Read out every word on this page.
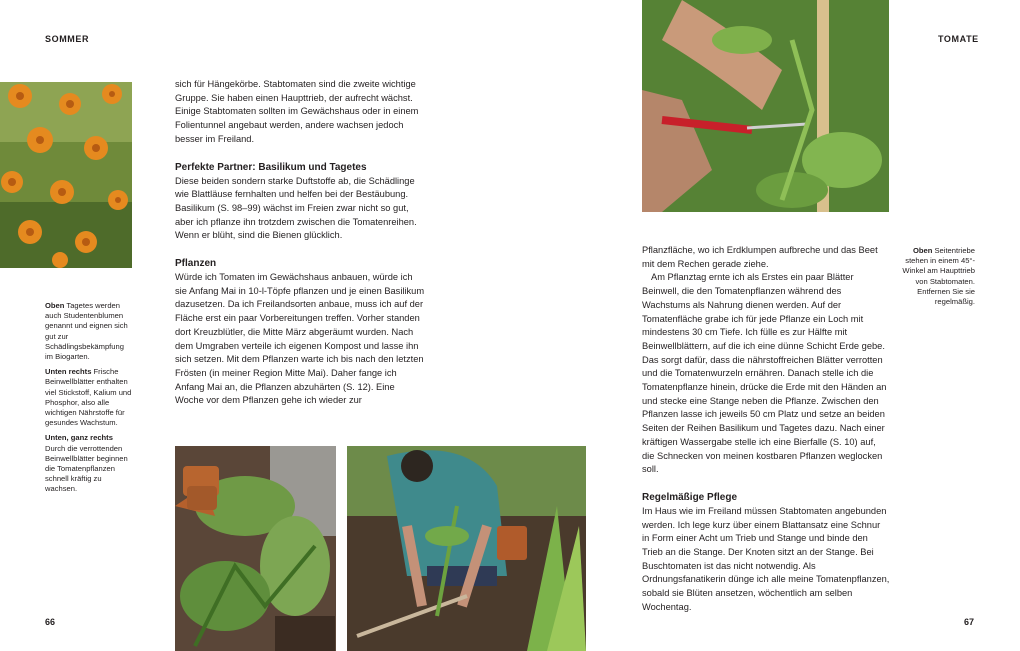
SOMMER

Oben Tagetes werden auch Studentenblumen genannt und eignen sich gut zur Schädlingsbekämpfung im Biogarten.

Unten rechts Frische Beinwellblätter enthalten viel Stickstoff, Kalium und Phosphor, also alle wichtigen Nährstoffe für gesundes Wachstum.

Unten, ganz rechts Durch die verrottenden Beinwellblätter beginnen die Tomatenpflanzen schnell kräftig zu wachsen.

sich für Hängekörbe. Stabtomaten sind die zweite wichtige Gruppe. Sie haben einen Haupttrieb, der aufrecht wächst. Einige Stabtomaten sollten im Gewächshaus oder in einem Folientunnel angebaut werden, andere wachsen jedoch besser im Freiland.

Perfekte Partner: Basilikum und Tagetes

Diese beiden sondern starke Duftstoffe ab, die Schädlinge wie Blattläuse fernhalten und helfen bei der Bestäubung. Basilikum (S. 98–99) wächst im Freien zwar nicht so gut, aber ich pflanze ihn trotzdem zwischen die Tomatenreihen. Wenn er blüht, sind die Bienen glücklich.

Pflanzen

Würde ich Tomaten im Gewächshaus anbauen, würde ich sie Anfang Mai in 10-l-Töpfe pflanzen und je einen Basilikum dazusetzen. Da ich Freilandsorten anbaue, muss ich auf der Fläche erst ein paar Vorbereitungen treffen. Vorher standen dort Kreuzblütler, die Mitte März abgeräumt wurden. Nach dem Umgraben verteile ich eigenen Kompost und lasse ihn sich setzen. Mit dem Pflanzen warte ich bis nach den letzten Frösten (in meiner Region Mitte Mai). Daher fange ich Anfang Mai an, die Pflanzen abzuhärten (S. 12). Eine Woche vor dem Pflanzen gehe ich wieder zur

66
TOMATE

Oben Seitentriebe stehen in einem 45°-Winkel am Haupttrieb von Stabtomaten. Entfernen Sie sie regelmäßig.

Pflanzfläche, wo ich Erdklumpen aufbreche und das Beet mit dem Rechen gerade ziehe.

Am Pflanztag ernte ich als Erstes ein paar Blätter Beinwell, die den Tomatenpflanzen während des Wachstums als Nahrung dienen werden. Auf der Tomatenfläche grabe ich für jede Pflanze ein Loch mit mindestens 30 cm Tiefe. Ich fülle es zur Hälfte mit Beinwellblättern, auf die ich eine dünne Schicht Erde gebe. Das sorgt dafür, dass die nährstoffreichen Blätter verrotten und die Tomatenwurzeln ernähren. Danach stelle ich die Tomatenpflanze hinein, drücke die Erde mit den Händen an und stecke eine Stange neben die Pflanze. Zwischen den Pflanzen lasse ich jeweils 50 cm Platz und setze an beiden Seiten der Reihen Basilikum und Tagetes dazu. Nach einer kräftigen Wassergabe stelle ich eine Bierfalle (S. 10) auf, die Schnecken von meinen kostbaren Pflanzen weglocken soll.

Regelmäßige Pflege

Im Haus wie im Freiland müssen Stabtomaten angebunden werden. Ich lege kurz über einem Blattansatz eine Schnur in Form einer Acht um Trieb und Stange und binde den Trieb an die Stange. Der Knoten sitzt an der Stange. Bei Buschtomaten ist das nicht notwendig. Als Ordnungsfanatikerin dünge ich alle meine Tomatenpflanzen, sobald sie Blüten ansetzen, wöchentlich am selben Wochentag.

67
